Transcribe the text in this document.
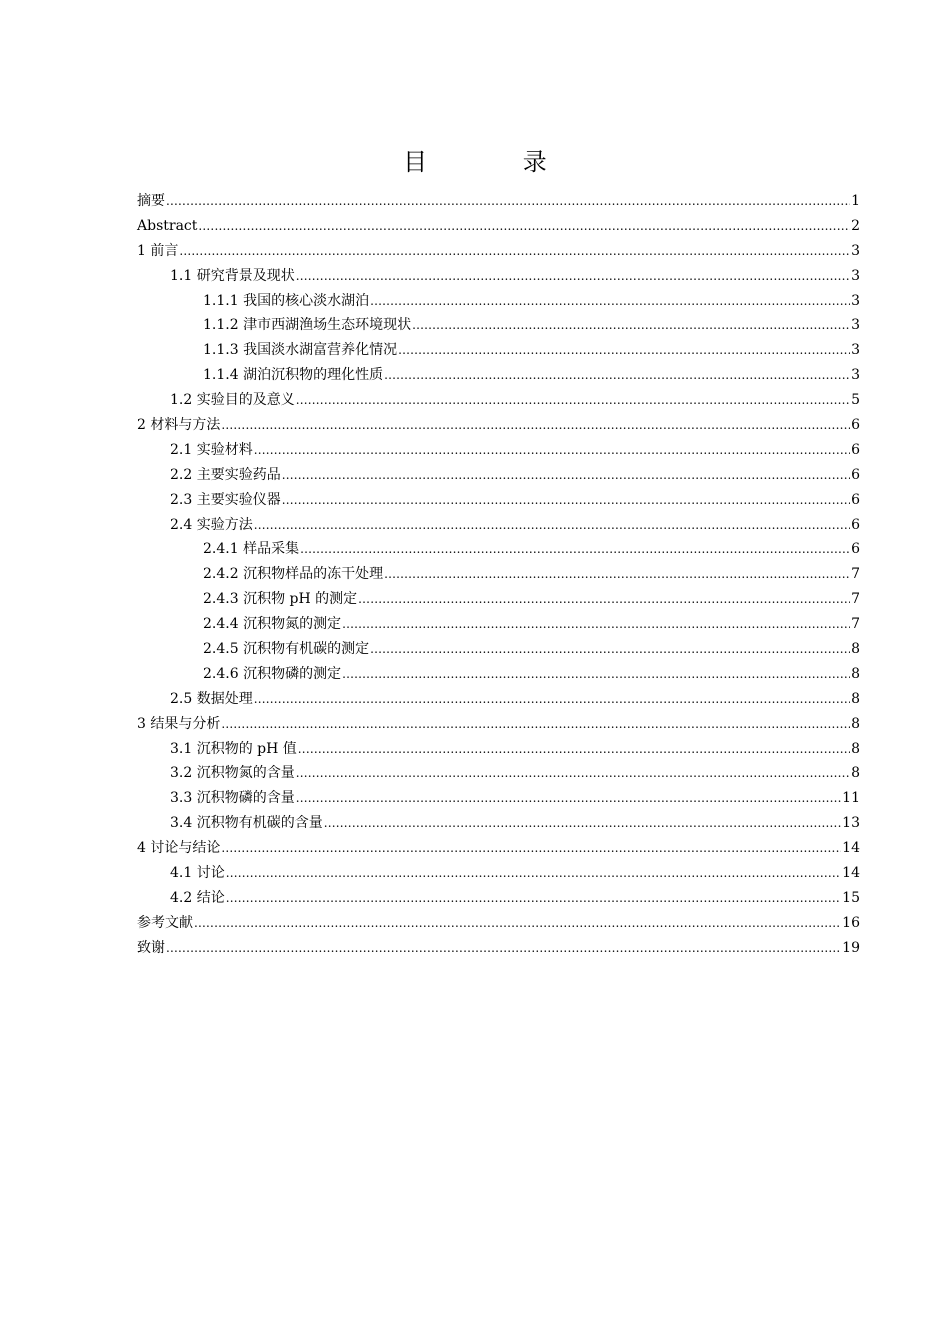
目 录
摘要 .....	1
Abstract .....	2
1 前言 .....	3
1.1 研究背景及现状 .....	3
1.1.1 我国的核心淡水湖泊 .....	3
1.1.2 津市西湖渔场生态环境现状 .....	3
1.1.3 我国淡水湖富营养化情况 .....	3
1.1.4 湖泊沉积物的理化性质 .....	3
1.2 实验目的及意义 .....	5
2 材料与方法 .....	6
2.1 实验材料 .....	6
2.2 主要实验药品 .....	6
2.3 主要实验仪器 .....	6
2.4 实验方法 .....	6
2.4.1 样品采集 .....	6
2.4.2 沉积物样品的冻干处理 .....	7
2.4.3 沉积物 pH 的测定 .....	7
2.4.4 沉积物氮的测定 .....	7
2.4.5 沉积物有机碳的测定 .....	8
2.4.6 沉积物磷的测定 .....	8
2.5 数据处理 .....	8
3 结果与分析 .....	8
3.1 沉积物的 pH 值 .....	8
3.2 沉积物氮的含量 .....	8
3.3 沉积物磷的含量 .....	11
3.4 沉积物有机碳的含量 .....	13
4 讨论与结论 .....	14
4.1 讨论 .....	14
4.2 结论 .....	15
参考文献 .....	16
致谢 .....	19
